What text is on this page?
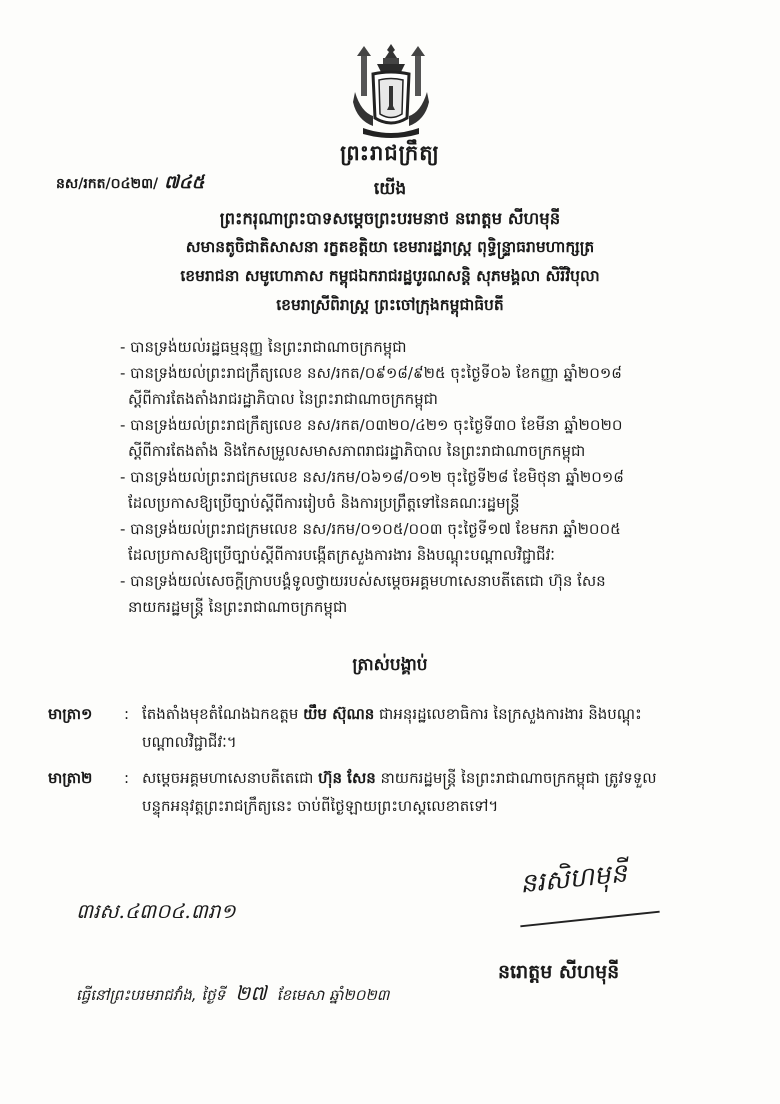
ព្រះរាជក្រឹត្យ
នស/រកត/០៤២៣/ ៧៤៥	យើង
ព្រះករុណាព្រះបាទសម្តេចព្រះបរមនាថ នរោត្តម សីហមុនី
សមានតូចិជាតិសាសនា រក្ខតខត្តិយា ខេមរារដ្ឋរាស្ត្រ ពុទ្ធិន្ទ្រាធរាមហាក្សត្រ
ខេមរាជនា សមូហោភាស កម្ពុជឯករាជរដ្ឋបូរណសន្តិ សុភមង្គលា សិរីវិបុលា
ខេមរាស្រីពិរាស្ត្រ ព្រះចៅក្រុងកម្ពុជាធិបតី
- បានទ្រង់យល់រដ្ឋធម្មនុញ្ញ នៃព្រះរាជាណាចក្រកម្ពុជា
- បានទ្រង់យល់ព្រះរាជក្រឹត្យលេខ នស/រកត/០៩១៨/៩២៥ ចុះថ្ងៃទី០៦ ខែកញ្ញា ឆ្នាំ២០១៨
ស្តីពីការតែងតាំងរាជរដ្ឋាភិបាល នៃព្រះរាជាណាចក្រកម្ពុជា
- បានទ្រង់យល់ព្រះរាជក្រឹត្យលេខ នស/រកត/០៣២០/៤២១ ចុះថ្ងៃទី៣០ ខែមីនា ឆ្នាំ២០២០
ស្តីពីការតែងតាំង និងកែសម្រួលសមាសភាពរាជរដ្ឋាភិបាល នៃព្រះរាជាណាចក្រកម្ពុជា
- បានទ្រង់យល់ព្រះរាជក្រមលេខ នស/រកម/០៦១៨/០១២ ចុះថ្ងៃទី២៨ ខែមិថុនា ឆ្នាំ២០១៨
ដែលប្រកាសឱ្យប្រើច្បាប់ស្តីពីការរៀបចំ និងការប្រព្រឹត្តទៅនៃគណៈរដ្ឋមន្ត្រី
- បានទ្រង់យល់ព្រះរាជក្រមលេខ នស/រកម/០១០៥/០០៣ ចុះថ្ងៃទី១៧ ខែមករា ឆ្នាំ២០០៥
ដែលប្រកាសឱ្យប្រើច្បាប់ស្តីពីការបង្កើតក្រសួងការងារ និងបណ្តុះបណ្តាលវិជ្ជាជីវៈ
- បានទ្រង់យល់សេចក្តីក្រាបបង្គំទូលថ្វាយរបស់សម្តេចអគ្គមហាសេនាបតីតេជោ ហ៊ុន សែន
នាយករដ្ឋមន្ត្រី នៃព្រះរាជាណាចក្រកម្ពុជា
ត្រាស់បង្គាប់
មាត្រា១ : តែងតាំងមុខតំណែងឯកឧត្តម យឹម ស៊ុណន ជាអនុរដ្ឋលេខាធិការ នៃក្រសួងការងារ និងបណ្តុះ
បណ្តាលវិជ្ជាជីវៈ។
មាត្រា២ : សម្តេចអគ្គមហាសេនាបតីតេជោ ហ៊ុន សែន នាយករដ្ឋមន្ត្រី នៃព្រះរាជាណាចក្រកម្ពុជា ត្រូវទទួល
បន្ទុកអនុវត្តព្រះរាជក្រឹត្យនេះ ចាប់ពីថ្ងៃឡាយព្រះហស្តលេខាតទៅ។
៣រស.៤៣០៤.៣រា១
ធ្វើនៅព្រះបរមរាជវាំង, ថ្ងៃទី ២៧ ខែមេសា ឆ្នាំ២០២៣
នរសិហមុនី
នរោត្តម សីហមុនី
